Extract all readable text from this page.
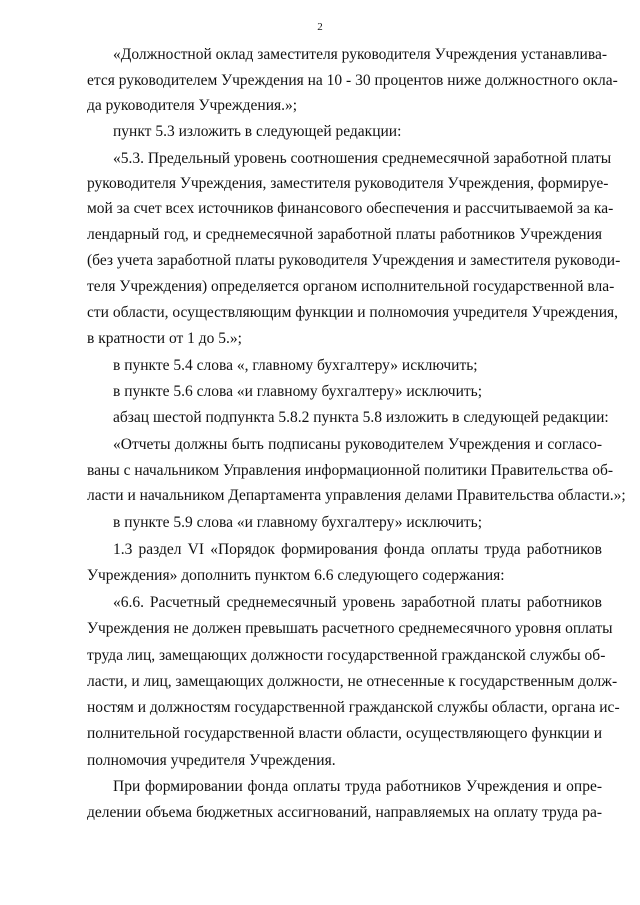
2
«Должностной оклад заместителя руководителя Учреждения устанавлива-
ется руководителем Учреждения на 10 - 30 процентов ниже должностного окла-
да руководителя Учреждения.»;
пункт 5.3 изложить в следующей редакции:
«5.3. Предельный уровень соотношения среднемесячной заработной платы
руководителя Учреждения, заместителя руководителя Учреждения, формируе-
мой за счет всех источников финансового обеспечения и рассчитываемой за ка-
лендарный год, и среднемесячной заработной платы работников Учреждения
(без учета заработной платы руководителя Учреждения и заместителя руководи-
теля Учреждения) определяется органом исполнительной государственной вла-
сти области, осуществляющим функции и полномочия учредителя Учреждения,
в кратности от 1 до 5.»;
в пункте 5.4 слова «, главному бухгалтеру» исключить;
в пункте 5.6 слова «и главному бухгалтеру» исключить;
абзац шестой подпункта 5.8.2 пункта 5.8 изложить в следующей редакции:
«Отчеты должны быть подписаны руководителем Учреждения и согласо-
ваны с начальником Управления информационной политики Правительства об-
ласти и начальником Департамента управления делами Правительства области.»;
в пункте 5.9 слова «и главному бухгалтеру» исключить;
1.3 раздел VI «Порядок формирования фонда оплаты труда работников
Учреждения» дополнить пунктом 6.6 следующего содержания:
«6.6. Расчетный среднемесячный уровень заработной платы работников
Учреждения не должен превышать расчетного среднемесячного уровня оплаты
труда лиц, замещающих должности государственной гражданской службы об-
ласти, и лиц, замещающих должности, не отнесенные к государственным долж-
ностям и должностям государственной гражданской службы области, органа ис-
полнительной государственной власти области, осуществляющего функции и
полномочия учредителя Учреждения.
При формировании фонда оплаты труда работников Учреждения и опре-
делении объема бюджетных ассигнований, направляемых на оплату труда ра-
